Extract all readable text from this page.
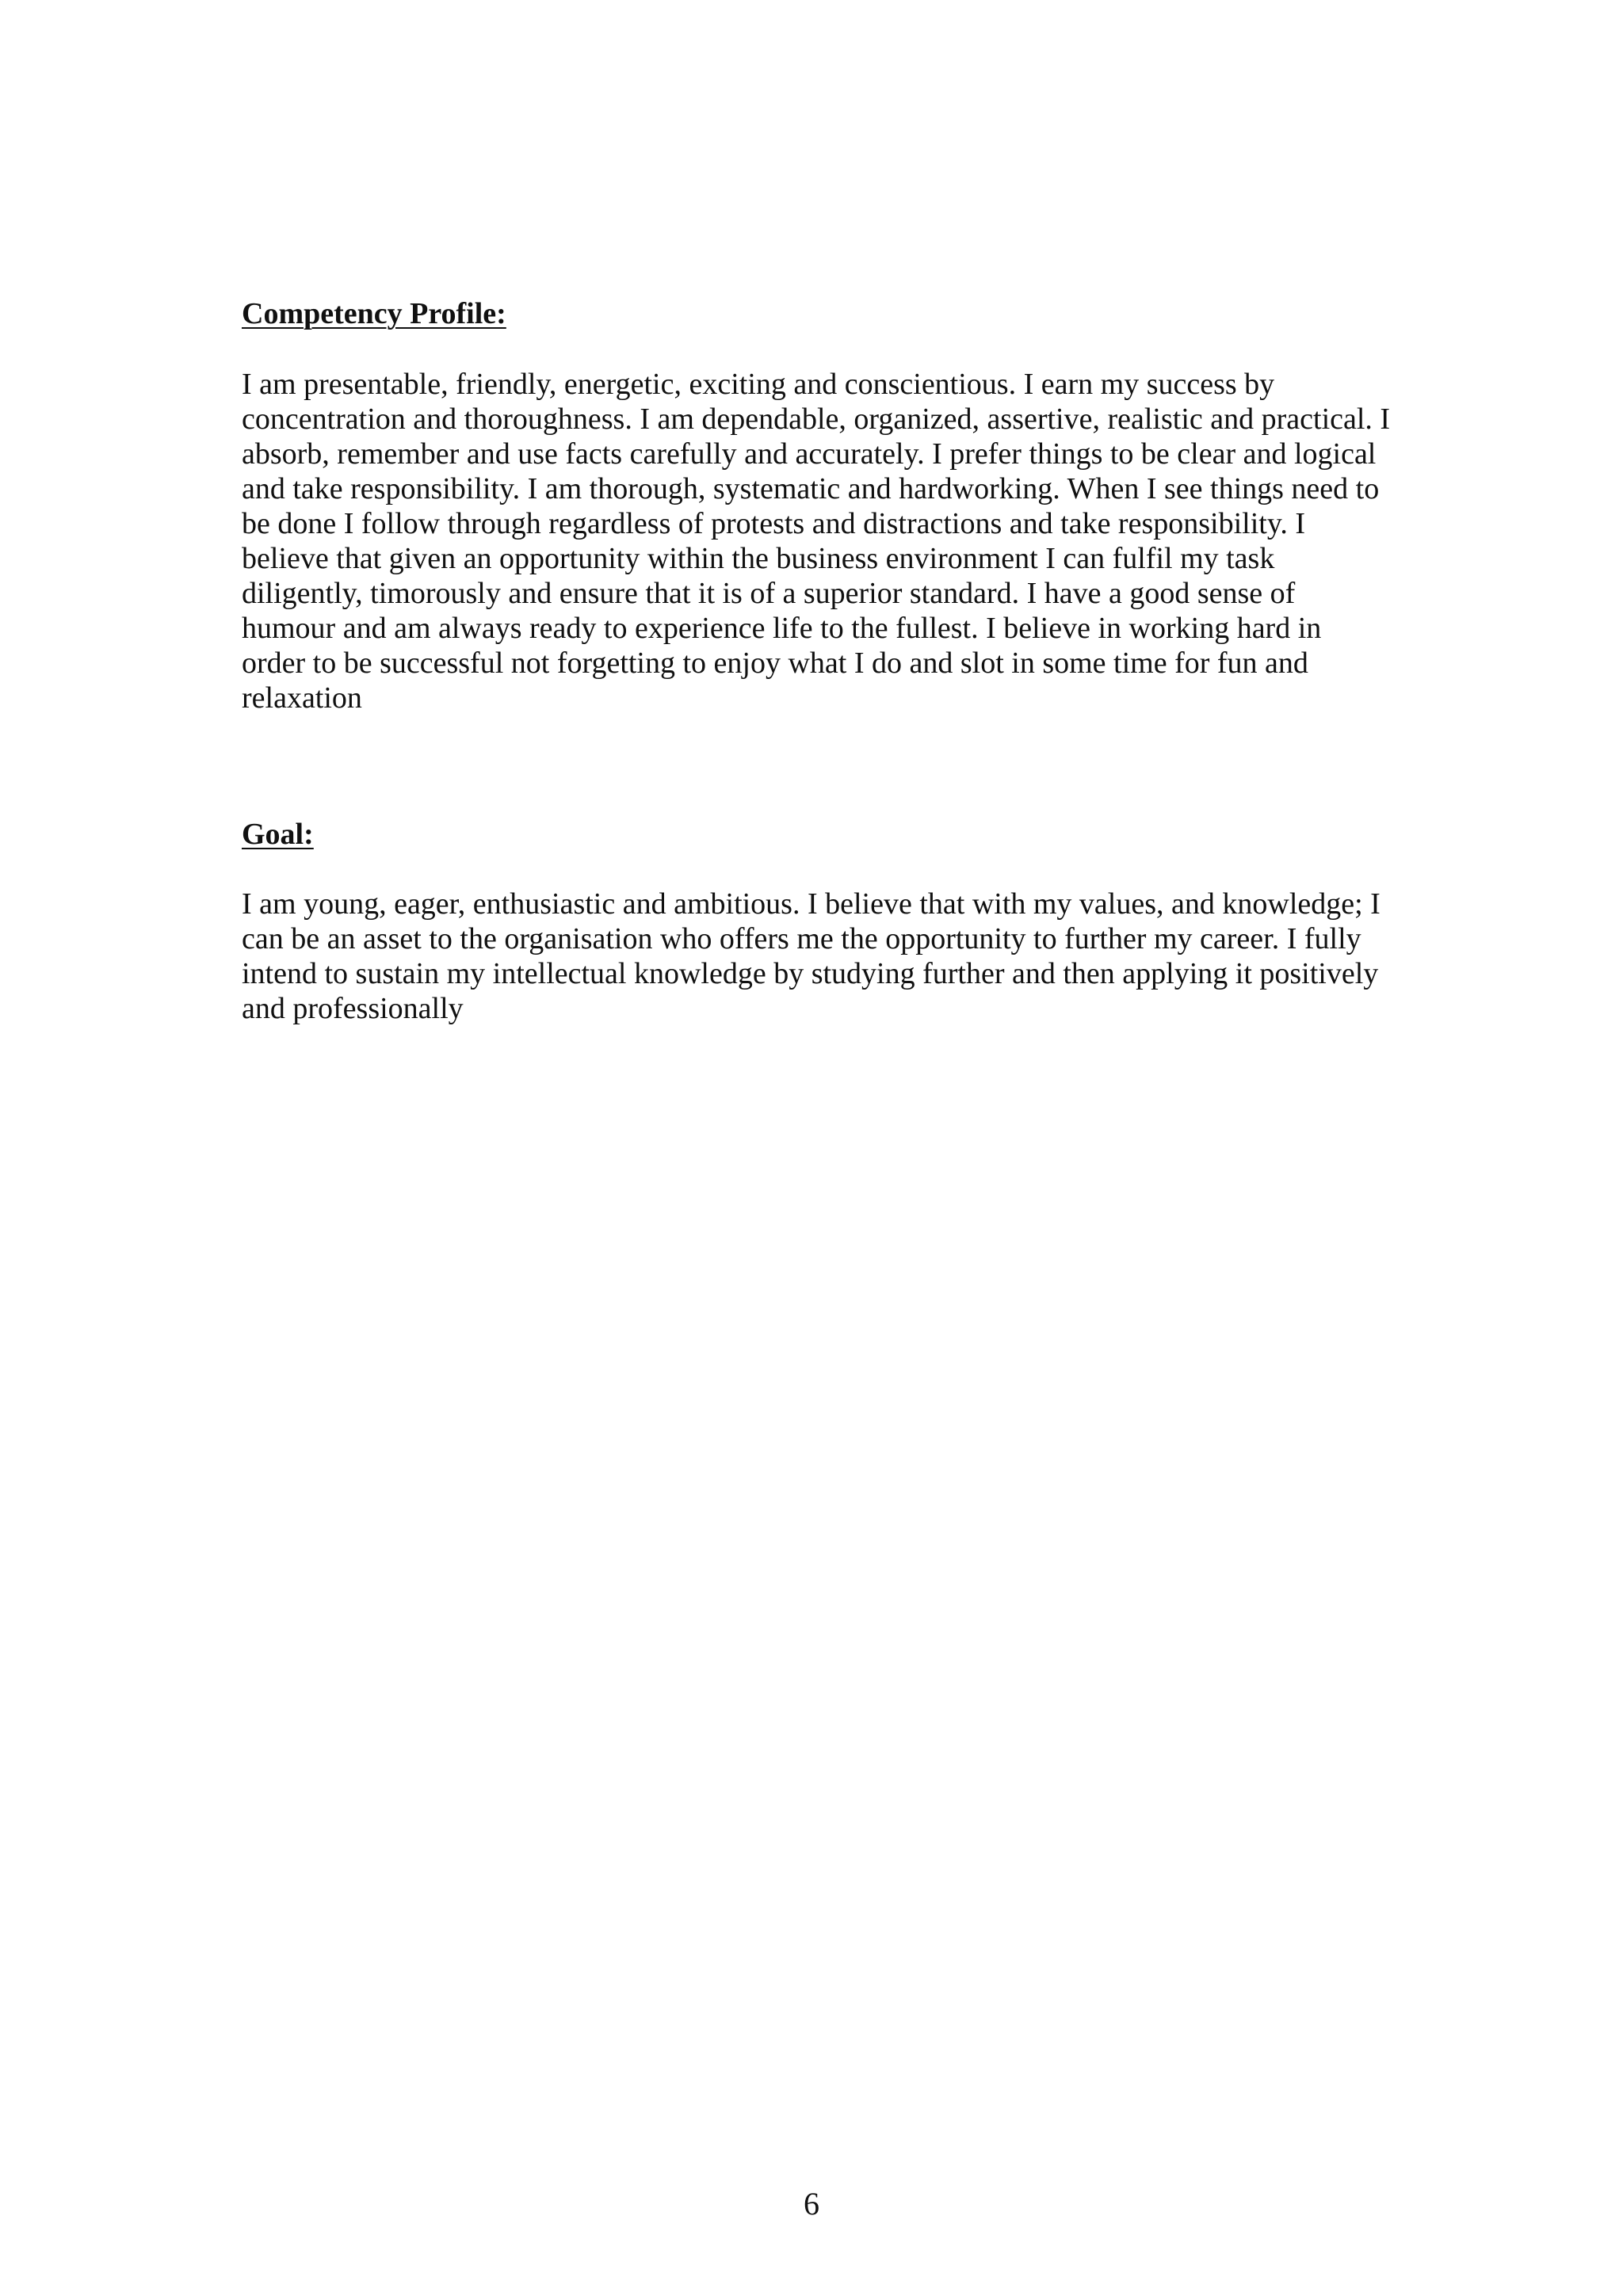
Competency Profile:

I am presentable, friendly, energetic, exciting and conscientious. I earn my success by
concentration and thoroughness. I am dependable, organized, assertive, realistic and practical. I
absorb, remember and use facts carefully and accurately. I prefer things to be clear and logical
and take responsibility. I am thorough, systematic and hardworking. When I see things need to
be done I follow through regardless of protests and distractions and take responsibility. I
believe that given an opportunity within the business environment I can fulfil my task
diligently, timorously and ensure that it is of a superior standard. I have a good sense of
humour and am always ready to experience life to the fullest. I believe in working hard in
order to be successful not forgetting to enjoy what I do and slot in some time for fun and
relaxation

Goal:

I am young, eager, enthusiastic and ambitious. I believe that with my values, and knowledge; I
can be an asset to the organisation who offers me the opportunity to further my career. I fully
intend to sustain my intellectual knowledge by studying further and then applying it positively
and professionally

6
